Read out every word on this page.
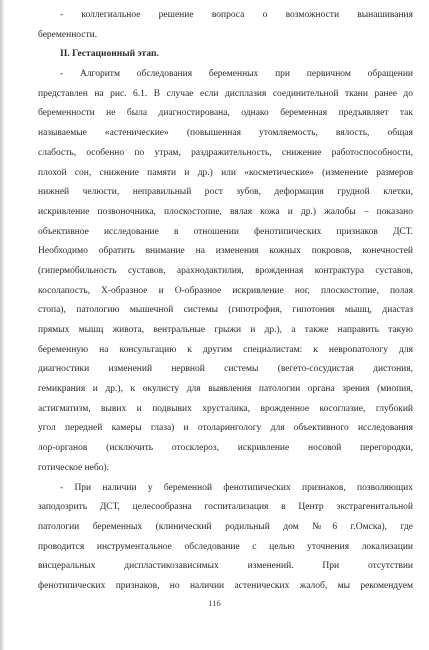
- коллегиальное решение вопроса о возможности вынашивания
беременности.
II. Гестационный этап.
- Алгоритм обследования беременных при первичном обращении
представлен на рис. 6.1. В случае если дисплазия соединительной ткани ранее до
беременности не была диагностирована, однако беременная предъявляет так
называемые «астенические» (повышенная утомляемость, вялость, общая
слабость, особенно по утрам, раздражительность, снижение работоспособности,
плохой сон, снижение памяти и др.) или «косметические» (изменение размеров
нижней челюсти, неправильный рост зубов, деформация грудной клетки,
искривление позвоночника, плоскостопие, вялая кожа и др.) жалобы – показано
объективное исследование в отношении фенотипических признаков ДСТ.
Необходимо обратить внимание на изменения кожных покровов, конечностей
(гипермобильность суставов, арахнодактилия, врожденная контрактура суставов,
косолапость, Х-образное и О-образное искривление ног, плоскостопие, полая
стопа), патологию мышечной системы (гипотрофия, гипотония мышц, диастаз
прямых мышц живота, вентральные грыжи и др.), а также направить такую
беременную на консультацию к другим специалистам: к невропатологу для
диагностики изменений нервной системы (вегето-сосудистая дистония,
гемикрания и др.), к окулисту для выявления патологии органа зрения (миопия,
астигматизм, вывих и подвывих хрусталика, врожденное косоглазие, глубокий
угол передней камеры глаза) и отоларингологу для объективного исследования
лор-органов (исключить отосклероз, искривление носовой перегородки,
готическое небо).
- При наличии у беременной фенотипических признаков, позволяющих
заподозрить ДСТ, целесообразна госпитализация в Центр экстрагенитальной
патологии беременных (клинический родильный дом №6 г.Омска), где
проводится инструментальное обследование с целью уточнения локализации
висцеральных диспластикозависимых изменений. При отсутствии
фенотипических признаков, но наличии астенических жалоб, мы рекомендуем
116
